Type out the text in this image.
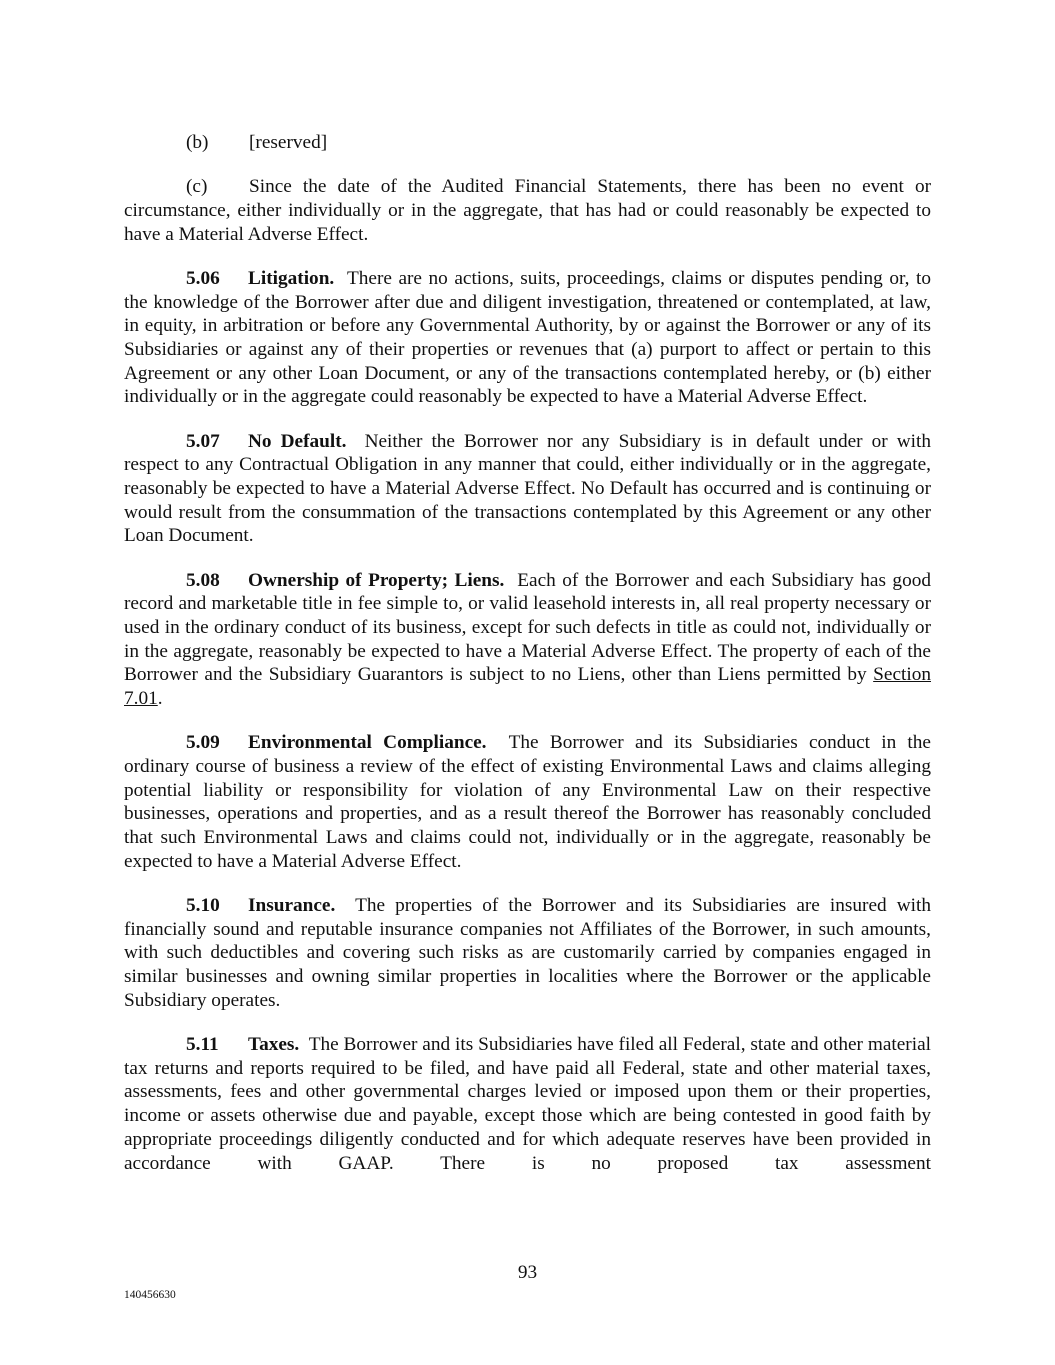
(b) [reserved]

(c) Since the date of the Audited Financial Statements, there has been no event or circumstance, either individually or in the aggregate, that has had or could reasonably be expected to have a Material Adverse Effect.

5.06 Litigation. There are no actions, suits, proceedings, claims or disputes pending or, to the knowledge of the Borrower after due and diligent investigation, threatened or contemplated, at law, in equity, in arbitration or before any Governmental Authority, by or against the Borrower or any of its Subsidiaries or against any of their properties or revenues that (a) purport to affect or pertain to this Agreement or any other Loan Document, or any of the transactions contemplated hereby, or (b) either individually or in the aggregate could reasonably be expected to have a Material Adverse Effect.

5.07 No Default. Neither the Borrower nor any Subsidiary is in default under or with respect to any Contractual Obligation in any manner that could, either individually or in the aggregate, reasonably be expected to have a Material Adverse Effect. No Default has occurred and is continuing or would result from the consummation of the transactions contemplated by this Agreement or any other Loan Document.

5.08 Ownership of Property; Liens. Each of the Borrower and each Subsidiary has good record and marketable title in fee simple to, or valid leasehold interests in, all real property necessary or used in the ordinary conduct of its business, except for such defects in title as could not, individually or in the aggregate, reasonably be expected to have a Material Adverse Effect. The property of each of the Borrower and the Subsidiary Guarantors is subject to no Liens, other than Liens permitted by Section 7.01.

5.09 Environmental Compliance. The Borrower and its Subsidiaries conduct in the ordinary course of business a review of the effect of existing Environmental Laws and claims alleging potential liability or responsibility for violation of any Environmental Law on their respective businesses, operations and properties, and as a result thereof the Borrower has reasonably concluded that such Environmental Laws and claims could not, individually or in the aggregate, reasonably be expected to have a Material Adverse Effect.

5.10 Insurance. The properties of the Borrower and its Subsidiaries are insured with financially sound and reputable insurance companies not Affiliates of the Borrower, in such amounts, with such deductibles and covering such risks as are customarily carried by companies engaged in similar businesses and owning similar properties in localities where the Borrower or the applicable Subsidiary operates.

5.11 Taxes. The Borrower and its Subsidiaries have filed all Federal, state and other material tax returns and reports required to be filed, and have paid all Federal, state and other material taxes, assessments, fees and other governmental charges levied or imposed upon them or their properties, income or assets otherwise due and payable, except those which are being contested in good faith by appropriate proceedings diligently conducted and for which adequate reserves have been provided in accordance with GAAP. There is no proposed tax assessment

93
140456630
